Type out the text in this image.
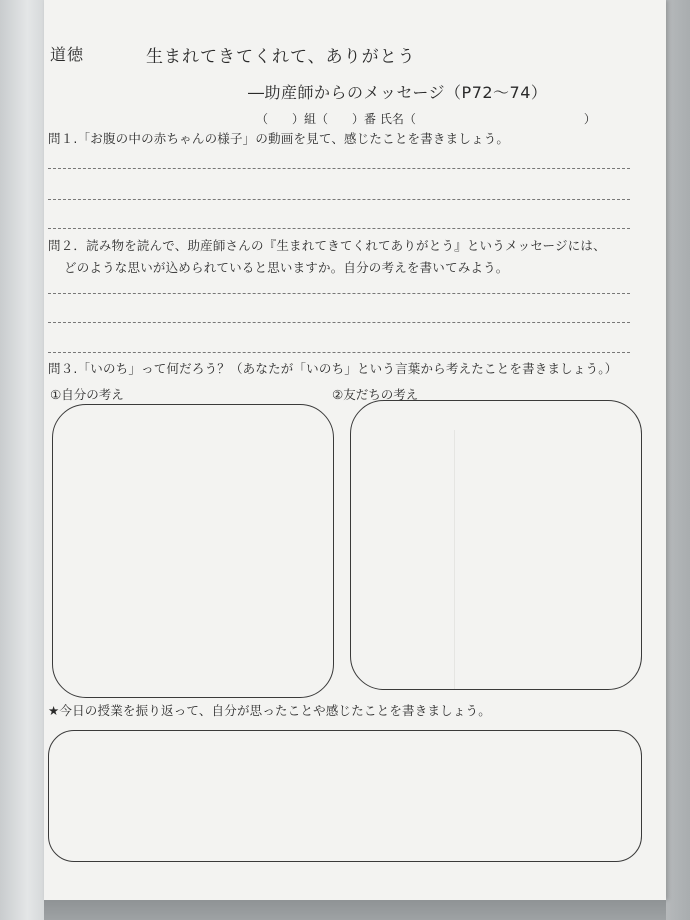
道徳	生まれてきてくれて、ありがとう
―助産師からのメッセージ（P72～74）
（　　）組（　　）番 氏名（　　　　　　　　　　　　　　）
問１.「お腹の中の赤ちゃんの様子」の動画を見て、感じたことを書きましょう。
問２．読み物を読んで、助産師さんの『生まれてきてくれてありがとう』というメッセージには、
どのような思いが込められていると思いますか。自分の考えを書いてみよう。
問３.「いのち」って何だろう？（あなたが「いのち」という言葉から考えたことを書きましょう。）
①自分の考え	②友だちの考え
★今日の授業を振り返って、自分が思ったことや感じたことを書きましょう。
